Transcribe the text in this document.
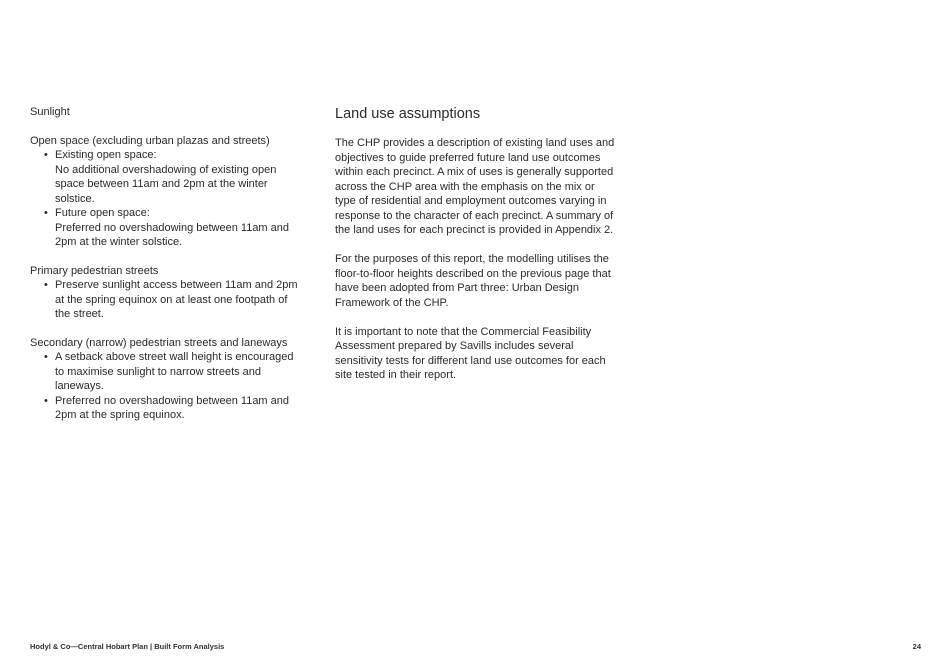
Sunlight

Open space (excluding urban plazas and streets)

• Existing open space:
No additional overshadowing of existing open space between 11am and 2pm at the winter solstice.
• Future open space:
Preferred no overshadowing between 11am and 2pm at the winter solstice.

Primary pedestrian streets

• Preserve sunlight access between 11am and 2pm at the spring equinox on at least one footpath of the street.

Secondary (narrow) pedestrian streets and laneways

• A setback above street wall height is encouraged to maximise sunlight to narrow streets and laneways.
• Preferred no overshadowing between 11am and 2pm at the spring equinox.
Land use assumptions

The CHP provides a description of existing land uses and objectives to guide preferred future land use outcomes within each precinct. A mix of uses is generally supported across the CHP area with the emphasis on the mix or type of residential and employment outcomes varying in response to the character of each precinct. A summary of the land uses for each precinct is provided in Appendix 2.

For the purposes of this report, the modelling utilises the floor-to-floor heights described on the previous page that have been adopted from Part three: Urban Design Framework of the CHP.

It is important to note that the Commercial Feasibility Assessment prepared by Savills includes several sensitivity tests for different land use outcomes for each site tested in their report.

Hodyl & Co—Central Hobart Plan | Built Form Analysis	24
